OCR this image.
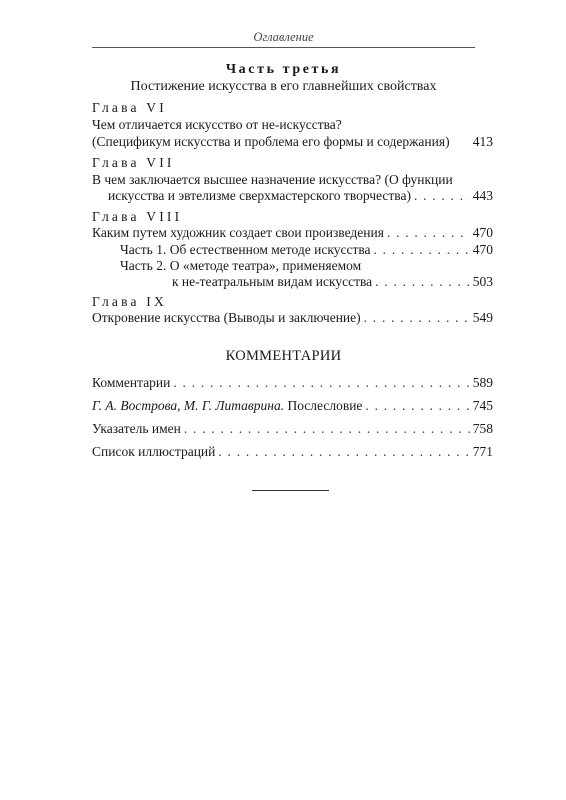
Оглавление
Часть третья
Постижение искусства в его главнейших свойствах
Глава VI
Чем отличается искусство от не-искусства?
(Спецификум искусства и проблема его формы и содержания) 413
Глава VII
В чем заключается высшее назначение искусства? (О функции
искусства и эвтелизме сверхмастерского творчества) . . .	443
Глава VIII
Каким путем художник создает свои произведения . . .	470
Часть 1. Об естественном методе искусства . . .	470
Часть 2. О «методе театра», применяемом
к не-театральным видам искусства . . .	503
Глава IX
Откровение искусства (Выводы и заключение) . . .	549
КОММЕНТАРИИ
Комментарии . . .	589
Г. А. Вострова, М. Г. Литаврина. Послесловие . . .	745
Указатель имен . . .	758
Список иллюстраций . . .	771
